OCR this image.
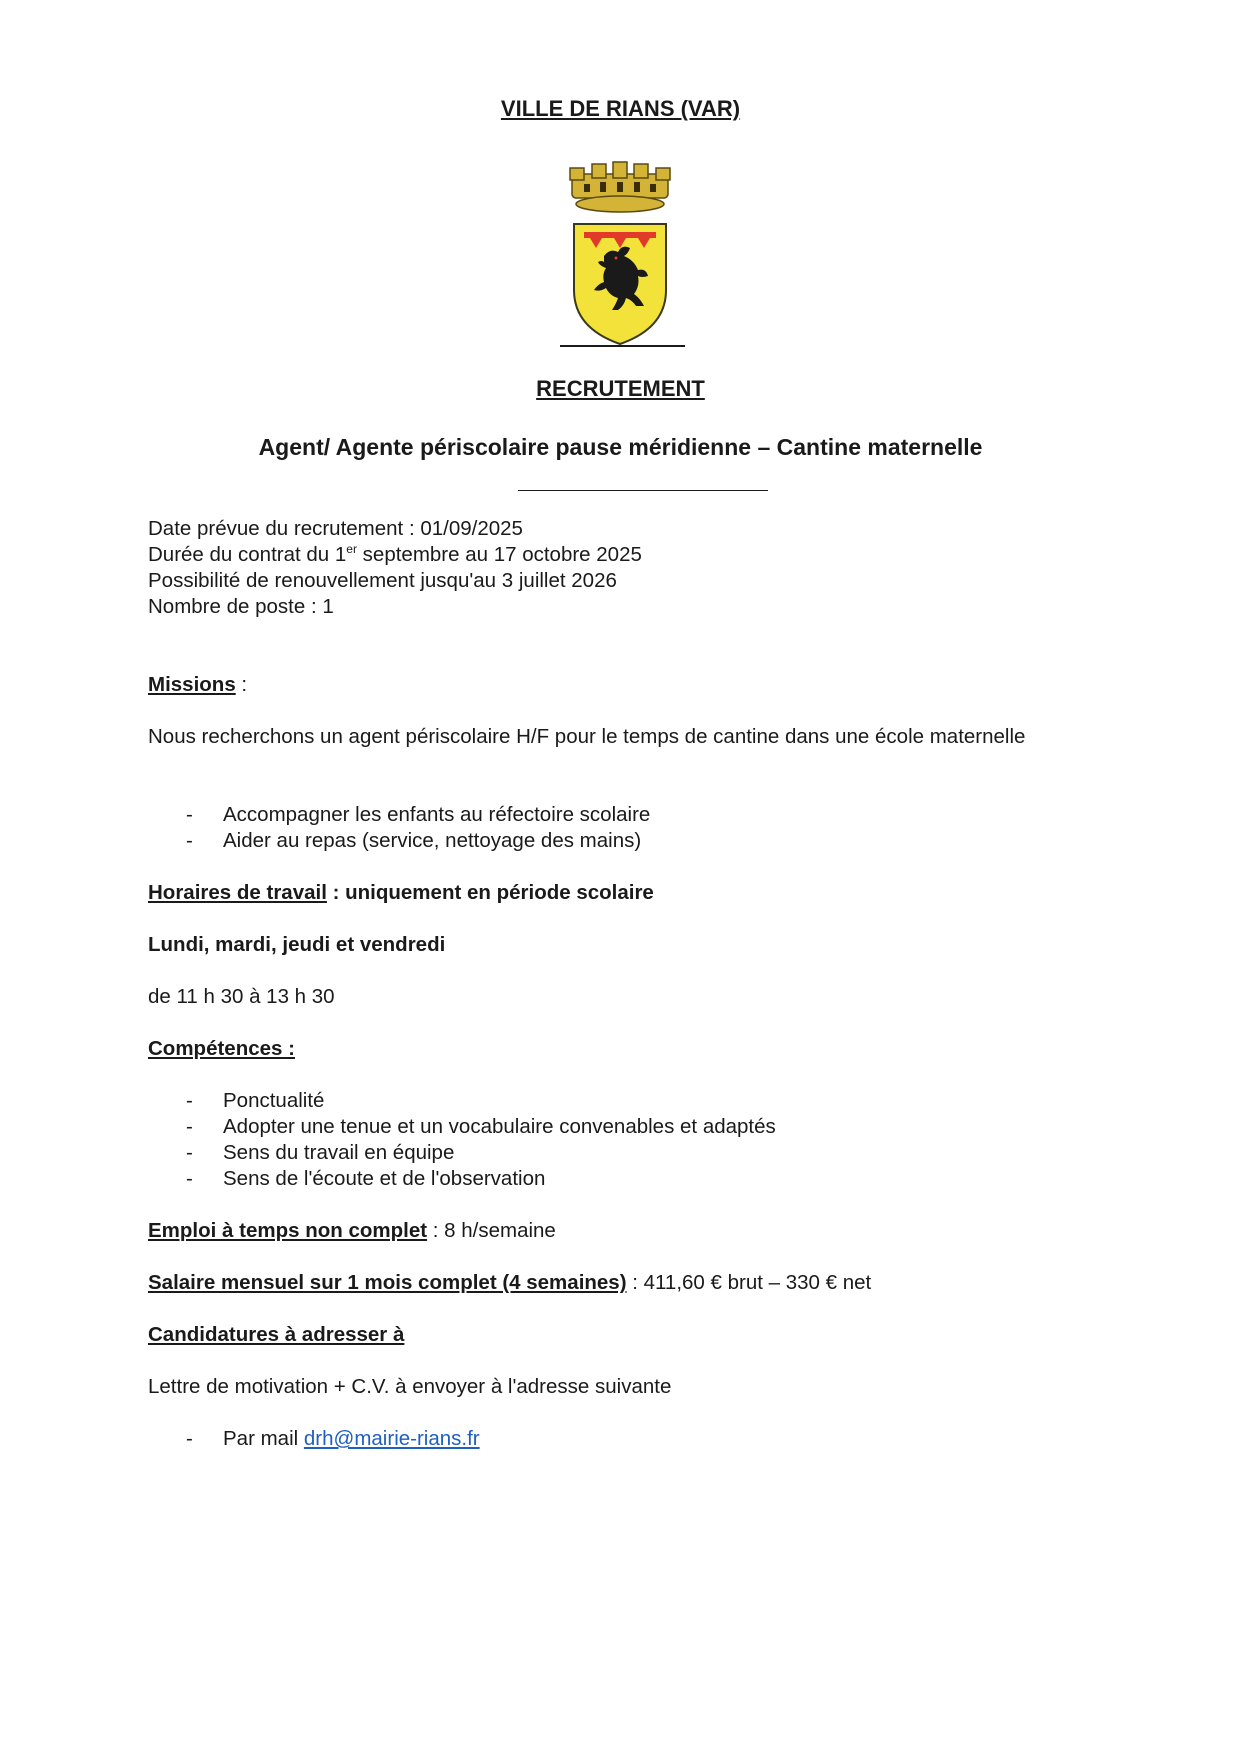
VILLE DE RIANS (VAR)
RECRUTEMENT
Agent/ Agente périscolaire pause méridienne – Cantine maternelle
Date prévue du recrutement : 01/09/2025
Durée du contrat du 1er septembre au 17 octobre 2025
Possibilité de renouvellement jusqu'au 3 juillet 2026
Nombre de poste : 1
Missions :
Nous recherchons un agent périscolaire H/F pour le temps de cantine dans une école maternelle
- Accompagner les enfants au réfectoire scolaire
- Aider au repas (service, nettoyage des mains)
Horaires de travail : uniquement en période scolaire
Lundi, mardi, jeudi et vendredi
de 11 h 30 à 13 h 30
Compétences :
- Ponctualité
- Adopter une tenue et un vocabulaire convenables et adaptés
- Sens du travail en équipe
- Sens de l'écoute et de l'observation
Emploi à temps non complet : 8 h/semaine
Salaire mensuel sur 1 mois complet (4 semaines) : 411,60 € brut – 330 € net
Candidatures à adresser à
Lettre de motivation + C.V. à envoyer à l'adresse suivante
- Par mail drh@mairie-rians.fr
